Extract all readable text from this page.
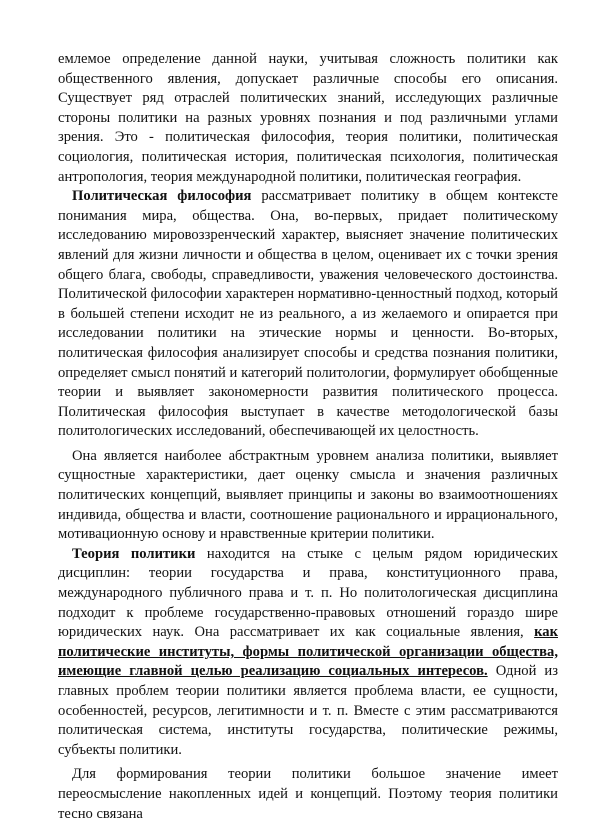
емлемое определение данной науки, учитывая сложность политики как общественного явления, допускает различные способы его описания. Существует ряд отраслей политических знаний, исследующих различные стороны политики на разных уровнях познания и под различными углами зрения. Это - политическая философия, теория политики, политическая социология, политическая история, политическая психология, политическая антропология, теория международной политики, политическая география.

Политическая философия рассматривает политику в общем контексте понимания мира, общества. Она, во-первых, придает политическому исследованию мировоззренческий характер, выясняет значение политических явлений для жизни личности и общества в целом, оценивает их с точки зрения общего блага, свободы, справедливости, уважения человеческого достоинства. Политической философии характерен нормативно-ценностный подход, который в большей степени исходит не из реального, а из желаемого и опирается при исследовании политики на этические нормы и ценности. Во-вторых, политическая философия анализирует способы и средства познания политики, определяет смысл понятий и категорий политологии, формулирует обобщенные теории и выявляет закономерности развития политического процесса. Политическая философия выступает в качестве методологической базы политологических исследований, обеспечивающей их целостность.

Она является наиболее абстрактным уровнем анализа политики, выявляет сущностные характеристики, дает оценку смысла и значения различных политических концепций, выявляет принципы и законы во взаимоотношениях индивида, общества и власти, соотношение рационального и иррационального, мотивационную основу и нравственные критерии политики.

Теория политики находится на стыке с целым рядом юридических дисциплин: теории государства и права, конституционного права, международного публичного права и т. п. Но политологическая дисциплина подходит к проблеме государственно-правовых отношений гораздо шире юридических наук. Она рассматривает их как социальные явления, как политические институты, формы политической организации общества, имеющие главной целью реализацию социальных интересов. Одной из главных проблем теории политики является проблема власти, ее сущности, особенностей, ресурсов, легитимности и т. п. Вместе с этим рассматриваются политическая система, институты государства, политические режимы, субъекты политики.

Для формирования теории политики большое значение имеет переосмысление накопленных идей и концепций. Поэтому теория политики тесно связана
